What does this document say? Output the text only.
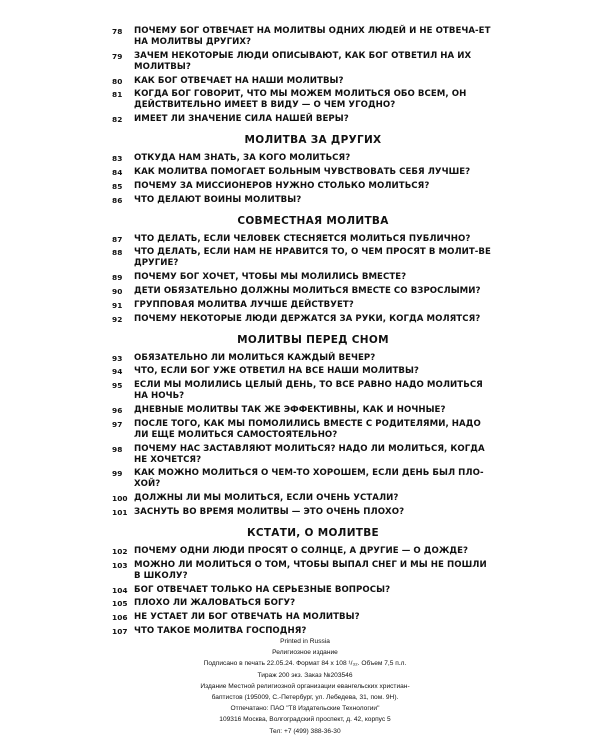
78	ПОЧЕМУ БОГ ОТВЕЧАЕТ НА МОЛИТВЫ ОДНИХ ЛЮДЕЙ И НЕ ОТВЕЧА-ЕТ НА МОЛИТВЫ ДРУГИХ?
79	ЗАЧЕМ НЕКОТОРЫЕ ЛЮДИ ОПИСЫВАЮТ, КАК БОГ ОТВЕТИЛ НА ИХ МОЛИТВЫ?
80	КАК БОГ ОТВЕЧАЕТ НА НАШИ МОЛИТВЫ?
81	КОГДА БОГ ГОВОРИТ, ЧТО МЫ МОЖЕМ МОЛИТЬСЯ ОБО ВСЕМ, ОН ДЕЙСТВИТЕЛЬНО ИМЕЕТ В ВИДУ — О ЧЕМ УГОДНО?
82	ИМЕЕТ ЛИ ЗНАЧЕНИЕ СИЛА НАШЕЙ ВЕРЫ?
МОЛИТВА ЗА ДРУГИХ
83	ОТКУДА НАМ ЗНАТЬ, ЗА КОГО МОЛИТЬСЯ?
84	КАК МОЛИТВА ПОМОГАЕТ БОЛЬНЫМ ЧУВСТВОВАТЬ СЕБЯ ЛУЧШЕ?
85	ПОЧЕМУ ЗА МИССИОНЕРОВ НУЖНО СТОЛЬКО МОЛИТЬСЯ?
86	ЧТО ДЕЛАЮТ ВОИНЫ МОЛИТВЫ?
СОВМЕСТНАЯ МОЛИТВА
87	ЧТО ДЕЛАТЬ, ЕСЛИ ЧЕЛОВЕК СТЕСНЯЕТСЯ МОЛИТЬСЯ ПУБЛИЧНО?
88	ЧТО ДЕЛАТЬ, ЕСЛИ НАМ НЕ НРАВИТСЯ ТО, О ЧЕМ ПРОСЯТ В МОЛИТ-ВЕ ДРУГИЕ?
89	ПОЧЕМУ БОГ ХОЧЕТ, ЧТОБЫ МЫ МОЛИЛИСЬ ВМЕСТЕ?
90	ДЕТИ ОБЯЗАТЕЛЬНО ДОЛЖНЫ МОЛИТЬСЯ ВМЕСТЕ СО ВЗРОСЛЫМИ?
91	ГРУППОВАЯ МОЛИТВА ЛУЧШЕ ДЕЙСТВУЕТ?
92	ПОЧЕМУ НЕКОТОРЫЕ ЛЮДИ ДЕРЖАТСЯ ЗА РУКИ, КОГДА МОЛЯТСЯ?
МОЛИТВЫ ПЕРЕД СНОМ
93	ОБЯЗАТЕЛЬНО ЛИ МОЛИТЬСЯ КАЖДЫЙ ВЕЧЕР?
94	ЧТО, ЕСЛИ БОГ УЖЕ ОТВЕТИЛ НА ВСЕ НАШИ МОЛИТВЫ?
95	ЕСЛИ МЫ МОЛИЛИСЬ ЦЕЛЫЙ ДЕНЬ, ТО ВСЕ РАВНО НАДО МОЛИТЬСЯ НА НОЧЬ?
96	ДНЕВНЫЕ МОЛИТВЫ ТАК ЖЕ ЭФФЕКТИВНЫ, КАК И НОЧНЫЕ?
97	ПОСЛЕ ТОГО, КАК МЫ ПОМОЛИЛИСЬ ВМЕСТЕ С РОДИТЕЛЯМИ, НАДО ЛИ ЕЩЕ МОЛИТЬСЯ САМОСТОЯТЕЛЬНО?
98	ПОЧЕМУ НАС ЗАСТАВЛЯЮТ МОЛИТЬСЯ? НАДО ЛИ МОЛИТЬСЯ, КОГДА НЕ ХОЧЕТСЯ?
99	КАК МОЖНО МОЛИТЬСЯ О ЧЕМ-ТО ХОРОШЕМ, ЕСЛИ ДЕНЬ БЫЛ ПЛО-ХОЙ?
100 ДОЛЖНЫ ЛИ МЫ МОЛИТЬСЯ, ЕСЛИ ОЧЕНЬ УСТАЛИ?
101 ЗАСНУТЬ ВО ВРЕМЯ МОЛИТВЫ — ЭТО ОЧЕНЬ ПЛОХО?
КСТАТИ, О МОЛИТВЕ
102 ПОЧЕМУ ОДНИ ЛЮДИ ПРОСЯТ О СОЛНЦЕ, А ДРУГИЕ — О ДОЖДЕ?
103 МОЖНО ЛИ МОЛИТЬСЯ О ТОМ, ЧТОБЫ ВЫПАЛ СНЕГ И МЫ НЕ ПОШЛИ В ШКОЛУ?
104 БОГ ОТВЕЧАЕТ ТОЛЬКО НА СЕРЬЕЗНЫЕ ВОПРОСЫ?
105 ПЛОХО ЛИ ЖАЛОВАТЬСЯ БОГУ?
106 НЕ УСТАЕТ ЛИ БОГ ОТВЕЧАТЬ НА МОЛИТВЫ?
107 ЧТО ТАКОЕ МОЛИТВА ГОСПОДНЯ?
Printed in Russia
Религиозное издание
Подписано в печать 22.05.24. Формат 84 х 108 ¹/₃₂. Объем 7,5 п.л.
Тираж 200 экз. Заказ №203546
Издание Местной религиозной организации евангельских христиан-
баптистов (195009, С.-Петербург, ул. Лебедева, 31, пом. 9Н).
Отпечатано: ПАО "Т8 Издательские Технологии"
109316 Москва, Волгоградский проспект, д. 42, корпус 5
Тел: +7 (499) 388-36-30
